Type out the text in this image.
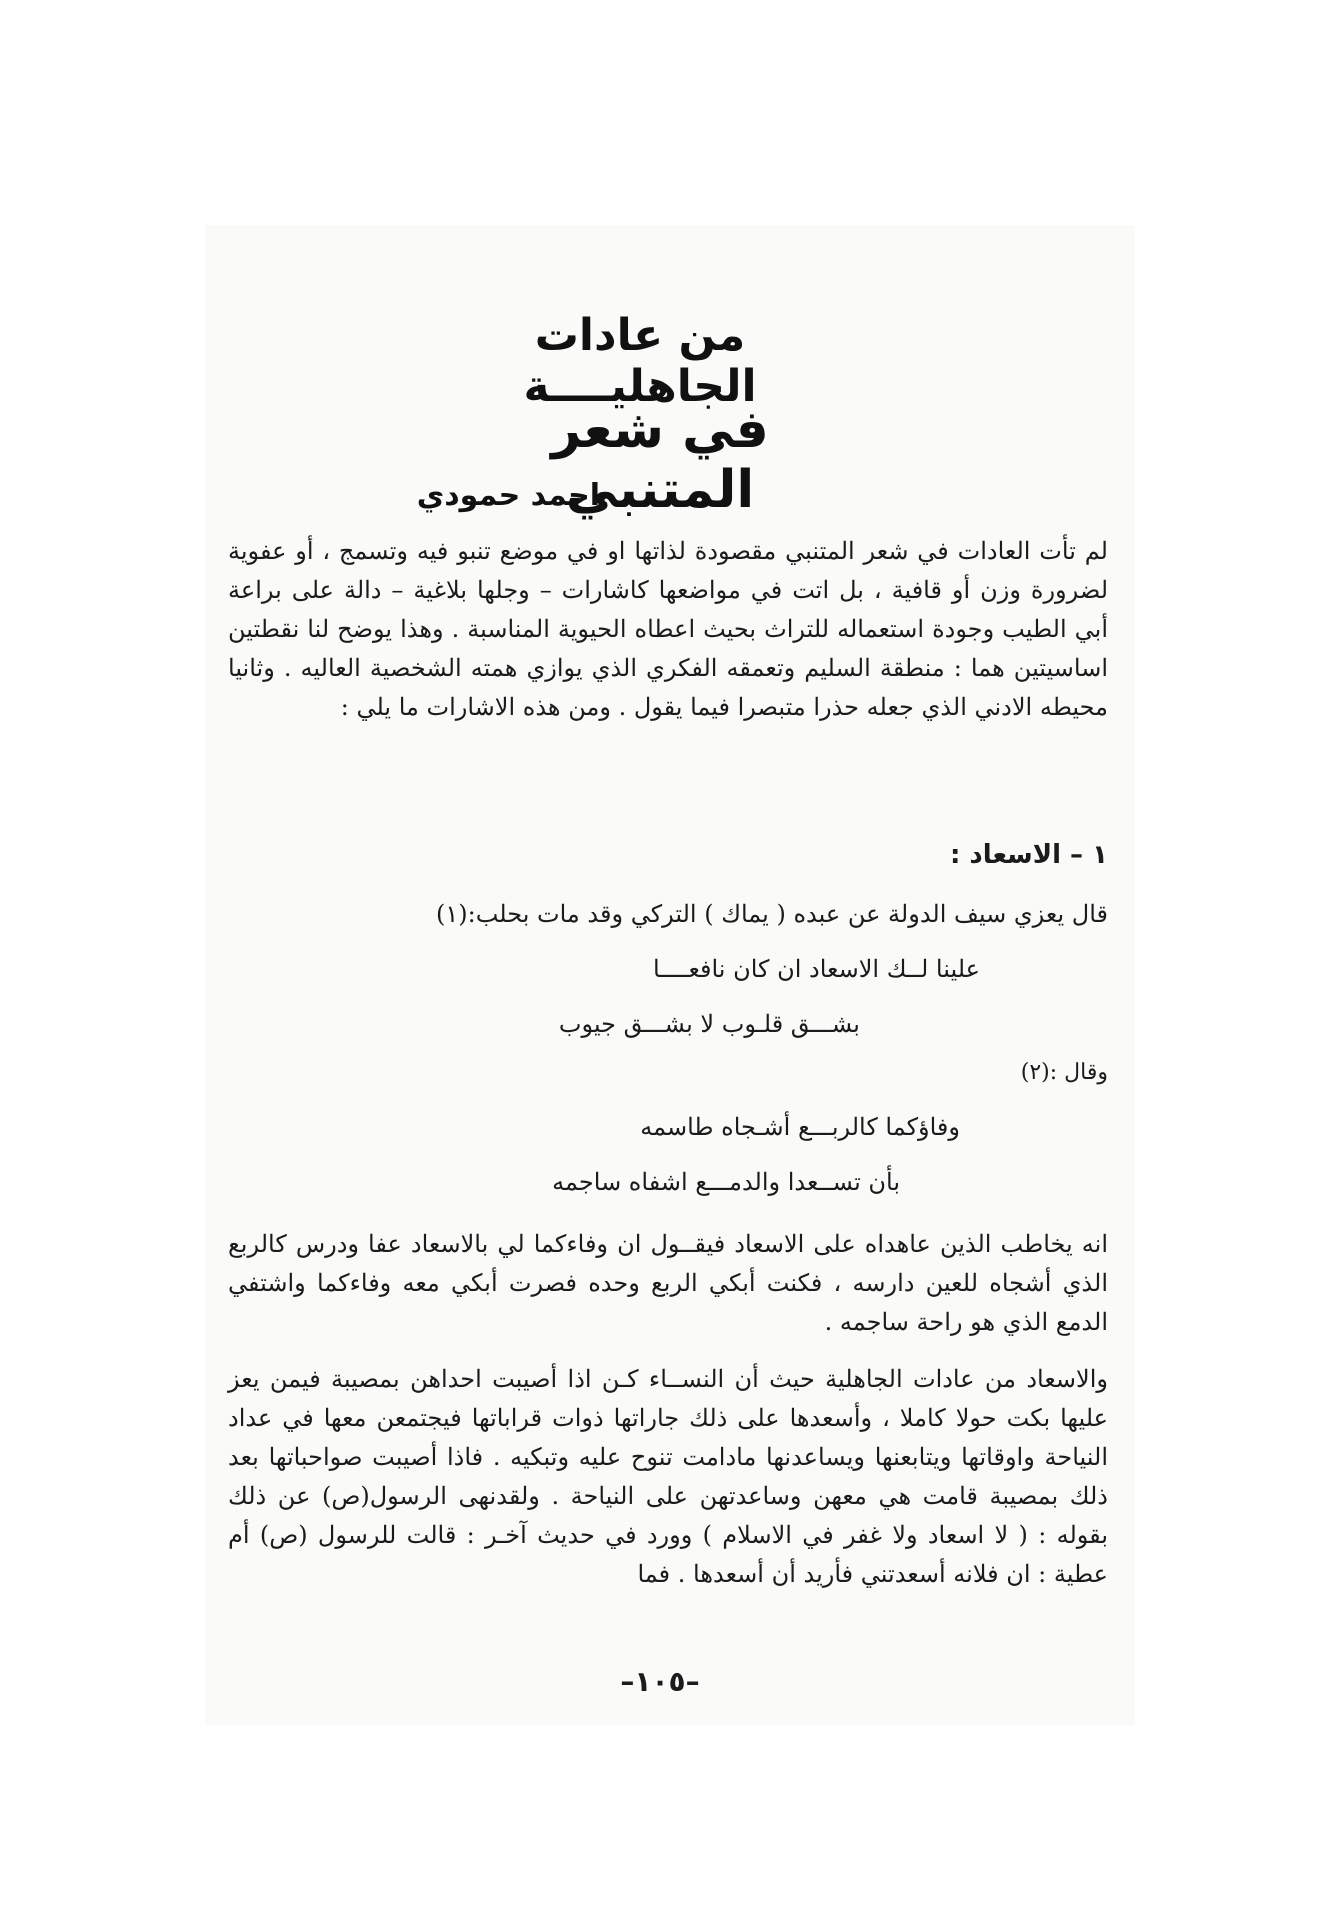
من عادات الجاهليــــة
في شعر المتنبي
احمد حمودي
لم تأت العادات في شعر المتنبي مقصودة لذاتها او في موضع تنبو فيه وتسمج ، أو عفوية لضرورة وزن أو قافية ، بل اتت في مواضعها كاشارات – وجلها بلاغية – دالة على براعة أبي الطيب وجودة استعماله للتراث بحيث اعطاه الحيوية المناسبة . وهذا يوضح لنا نقطتين اساسيتين هما : منطقة السليم وتعمقه الفكري الذي يوازي همته الشخصية العاليه . وثانيا محيطه الادني الذي جعله حذرا متبصرا فيما يقول . ومن هذه الاشارات ما يلي :
١ – الاسعاد :
قال يعزي سيف الدولة عن عبده ( يماك ) التركي وقد مات بحلب:(١)
علينا لــك الاسعاد ان كان نافعــــا
بشـــق قلـوب لا بشـــق جيوب
وقال :(٢)
وفاؤكما كالربـــع أشـجاه طاسمه
بأن تســعدا والدمـــع اشفاه ساجمه
انه يخاطب الذين عاهداه على الاسعاد فيقــول ان وفاءكما لي بالاسعاد عفا ودرس كالربع الذي أشجاه للعين دارسه ، فكنت أبكي الربع وحده فصرت أبكي معه وفاءكما واشتفي الدمع الذي هو راحة ساجمه .
والاسعاد من عادات الجاهلية حيث أن النســاء كـن اذا أصيبت احداهن بمصيبة فيمن يعز عليها بكت حولا كاملا ، وأسعدها على ذلك جاراتها ذوات قراباتها فيجتمعن معها في عداد النياحة واوقاتها ويتابعنها ويساعدنها مادامت تنوح عليه وتبكيه . فاذا أصيبت صواحباتها بعد ذلك بمصيبة قامت هي معهن وساعدتهن على النياحة . ولقدنهى الرسول(ص) عن ذلك بقوله : ( لا اسعاد ولا غفر في الاسلام ) وورد في حديث آخـر : قالت للرسول (ص) أم عطية : ان فلانه أسعدتني فأريد أن أسعدها . فما
–١٠٥–
